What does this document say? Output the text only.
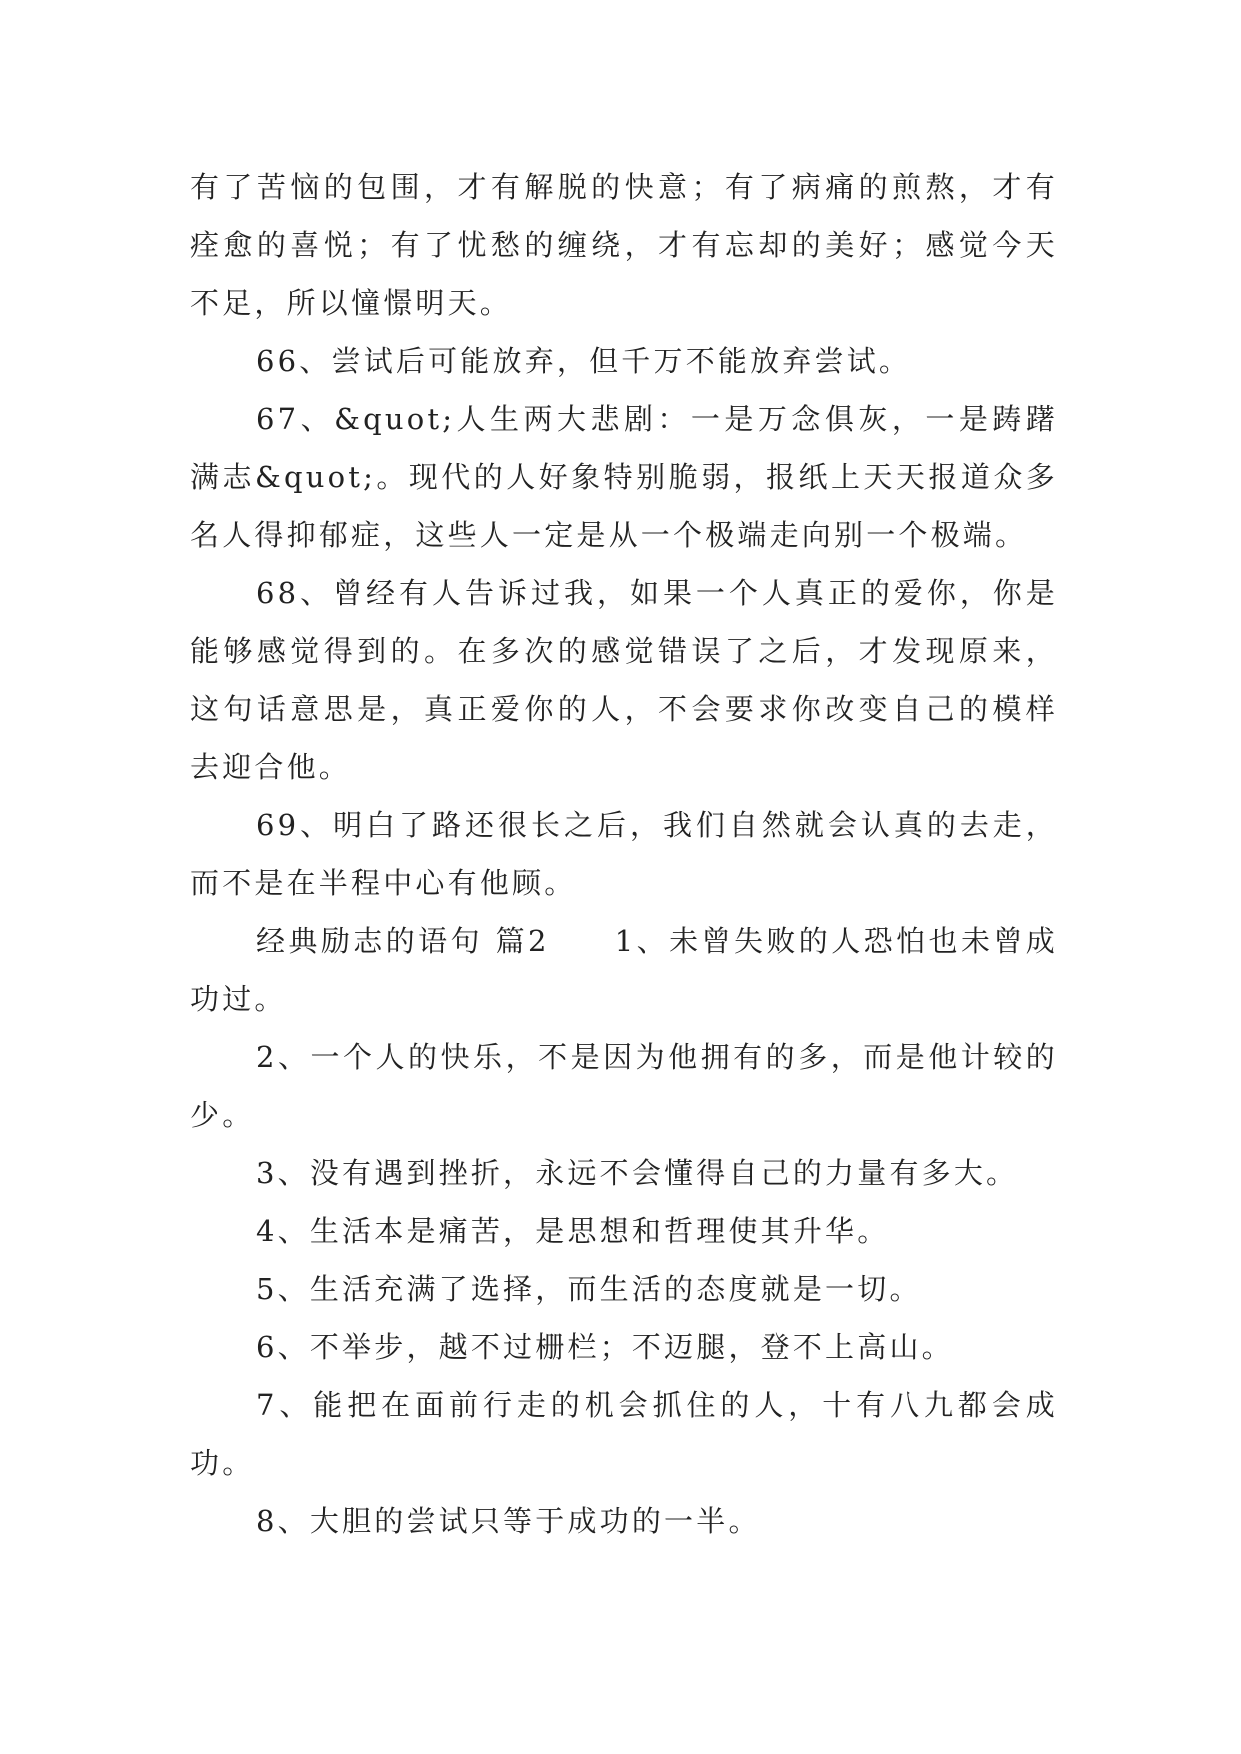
有了苦恼的包围，才有解脱的快意；有了病痛的煎熬，才有痊愈的喜悦；有了忧愁的缠绕，才有忘却的美好；感觉今天不足，所以憧憬明天。

66、尝试后可能放弃，但千万不能放弃尝试。

67、&quot;人生两大悲剧：一是万念俱灰，一是踌躇满志&quot;。现代的人好象特别脆弱，报纸上天天报道众多名人得抑郁症，这些人一定是从一个极端走向别一个极端。

68、曾经有人告诉过我，如果一个人真正的爱你，你是能够感觉得到的。在多次的感觉错误了之后，才发现原来，这句话意思是，真正爱你的人，不会要求你改变自己的模样去迎合他。

69、明白了路还很长之后，我们自然就会认真的去走，而不是在半程中心有他顾。

经典励志的语句 篇2　　1、未曾失败的人恐怕也未曾成功过。

2、一个人的快乐，不是因为他拥有的多，而是他计较的少。

3、没有遇到挫折，永远不会懂得自己的力量有多大。

4、生活本是痛苦，是思想和哲理使其升华。

5、生活充满了选择，而生活的态度就是一切。

6、不举步，越不过栅栏；不迈腿，登不上高山。

7、能把在面前行走的机会抓住的人，十有八九都会成功。

8、大胆的尝试只等于成功的一半。
